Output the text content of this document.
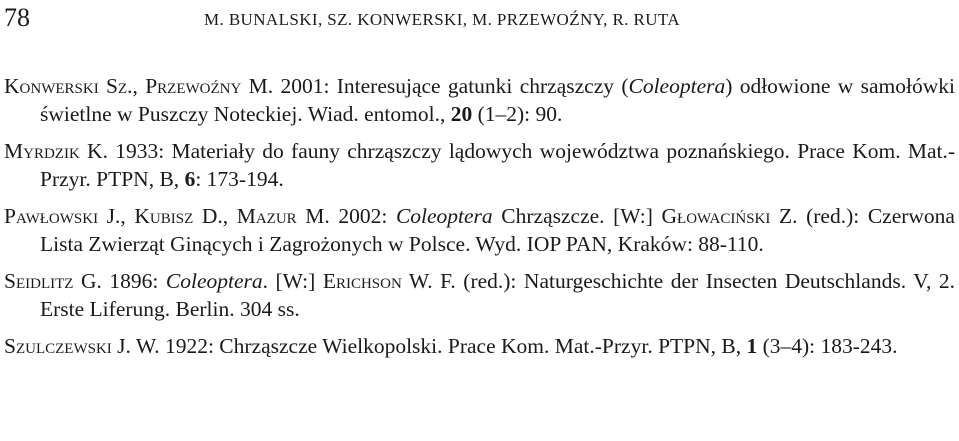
78	M. BUNALSKI, SZ. KONWERSKI, M. PRZEWOŹNY, R. RUTA
Konwerski Sz., Przewoźny M. 2001: Interesujące gatunki chrząszczy (Coleoptera) odłowione w samołówki świetlne w Puszczy Noteckiej. Wiad. entomol., 20 (1–2): 90.
Myrdzik K. 1933: Materiały do fauny chrząszczy lądowych województwa poznańskiego. Prace Kom. Mat.-Przyr. PTPN, B, 6: 173-194.
Pawłowski J., Kubisz D., Mazur M. 2002: Coleoptera Chrząszcze. [W:] Głowaciński Z. (red.): Czerwona Lista Zwierząt Ginących i Zagrożonych w Polsce. Wyd. IOP PAN, Kraków: 88-110.
Seidlitz G. 1896: Coleoptera. [W:] Erichson W. F. (red.): Naturgeschichte der Insecten Deutschlands. V, 2. Erste Liferung. Berlin. 304 ss.
Szulczewski J. W. 1922: Chrząszcze Wielkopolski. Prace Kom. Mat.-Przyr. PTPN, B, 1 (3–4): 183-243.
